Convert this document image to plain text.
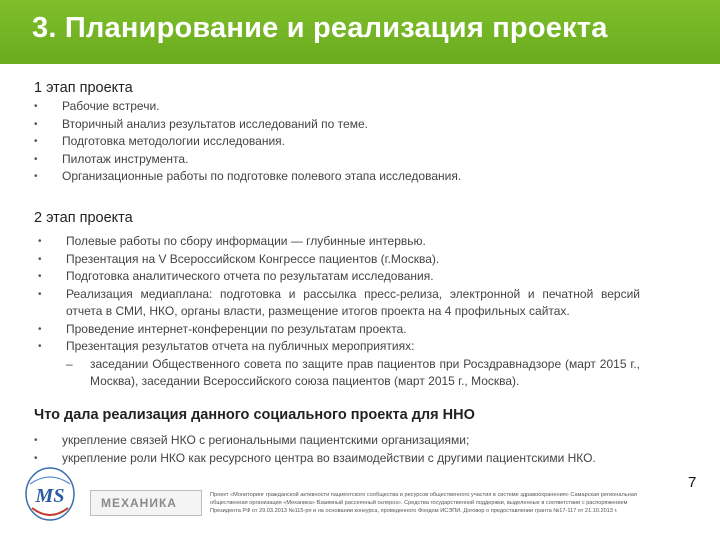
3. Планирование и реализация проекта
1 этап проекта
• Рабочие встречи.
• Вторичный анализ результатов исследований по теме.
• Подготовка методологии исследования.
• Пилотаж инструмента.
• Организационные работы по подготовке полевого этапа исследования.
2 этап проекта
• Полевые работы по сбору информации — глубинные интервью.
• Презентация на V Всероссийском Конгрессе пациентов (г.Москва).
• Подготовка аналитического отчета по результатам исследования.
• Реализация медиаплана: подготовка и рассылка пресс-релиза, электронной и печатной версий отчета в СМИ, НКО, органы власти, размещение итогов проекта на 4 профильных сайтах.
• Проведение интернет-конференции по результатам проекта.
• Презентация результатов отчета на публичных мероприятиях:
– заседании Общественного совета по защите прав пациентов при Росздравнадзоре (март 2015 г., Москва), заседании Всероссийского союза пациентов (март 2015 г., Москва).
Что дала реализация данного социального проекта для ННО
• укрепление связей НКО с региональными пациентскими организациями;
• укрепление роли НКО как ресурсного центра во взаимодействии с другими пациентскими НКО.
MS	МЕХАНИКА
Проект «Мониторинг гражданской активности пациентского сообщества и ресурсов общественного участия в системе здравоохранения» Самарская региональная общественная организация «Механика» Взаимный рассеянный склероз». Средства государственной поддержки, выделенные в соответствии с распоряжением Президента РФ от 29.03.2013 №115-рп и на основании конкурса, проведенного Фондом ИСЭПИ. Договор о предоставлении гранта №17-117 от 21.10.2013 г.
7
